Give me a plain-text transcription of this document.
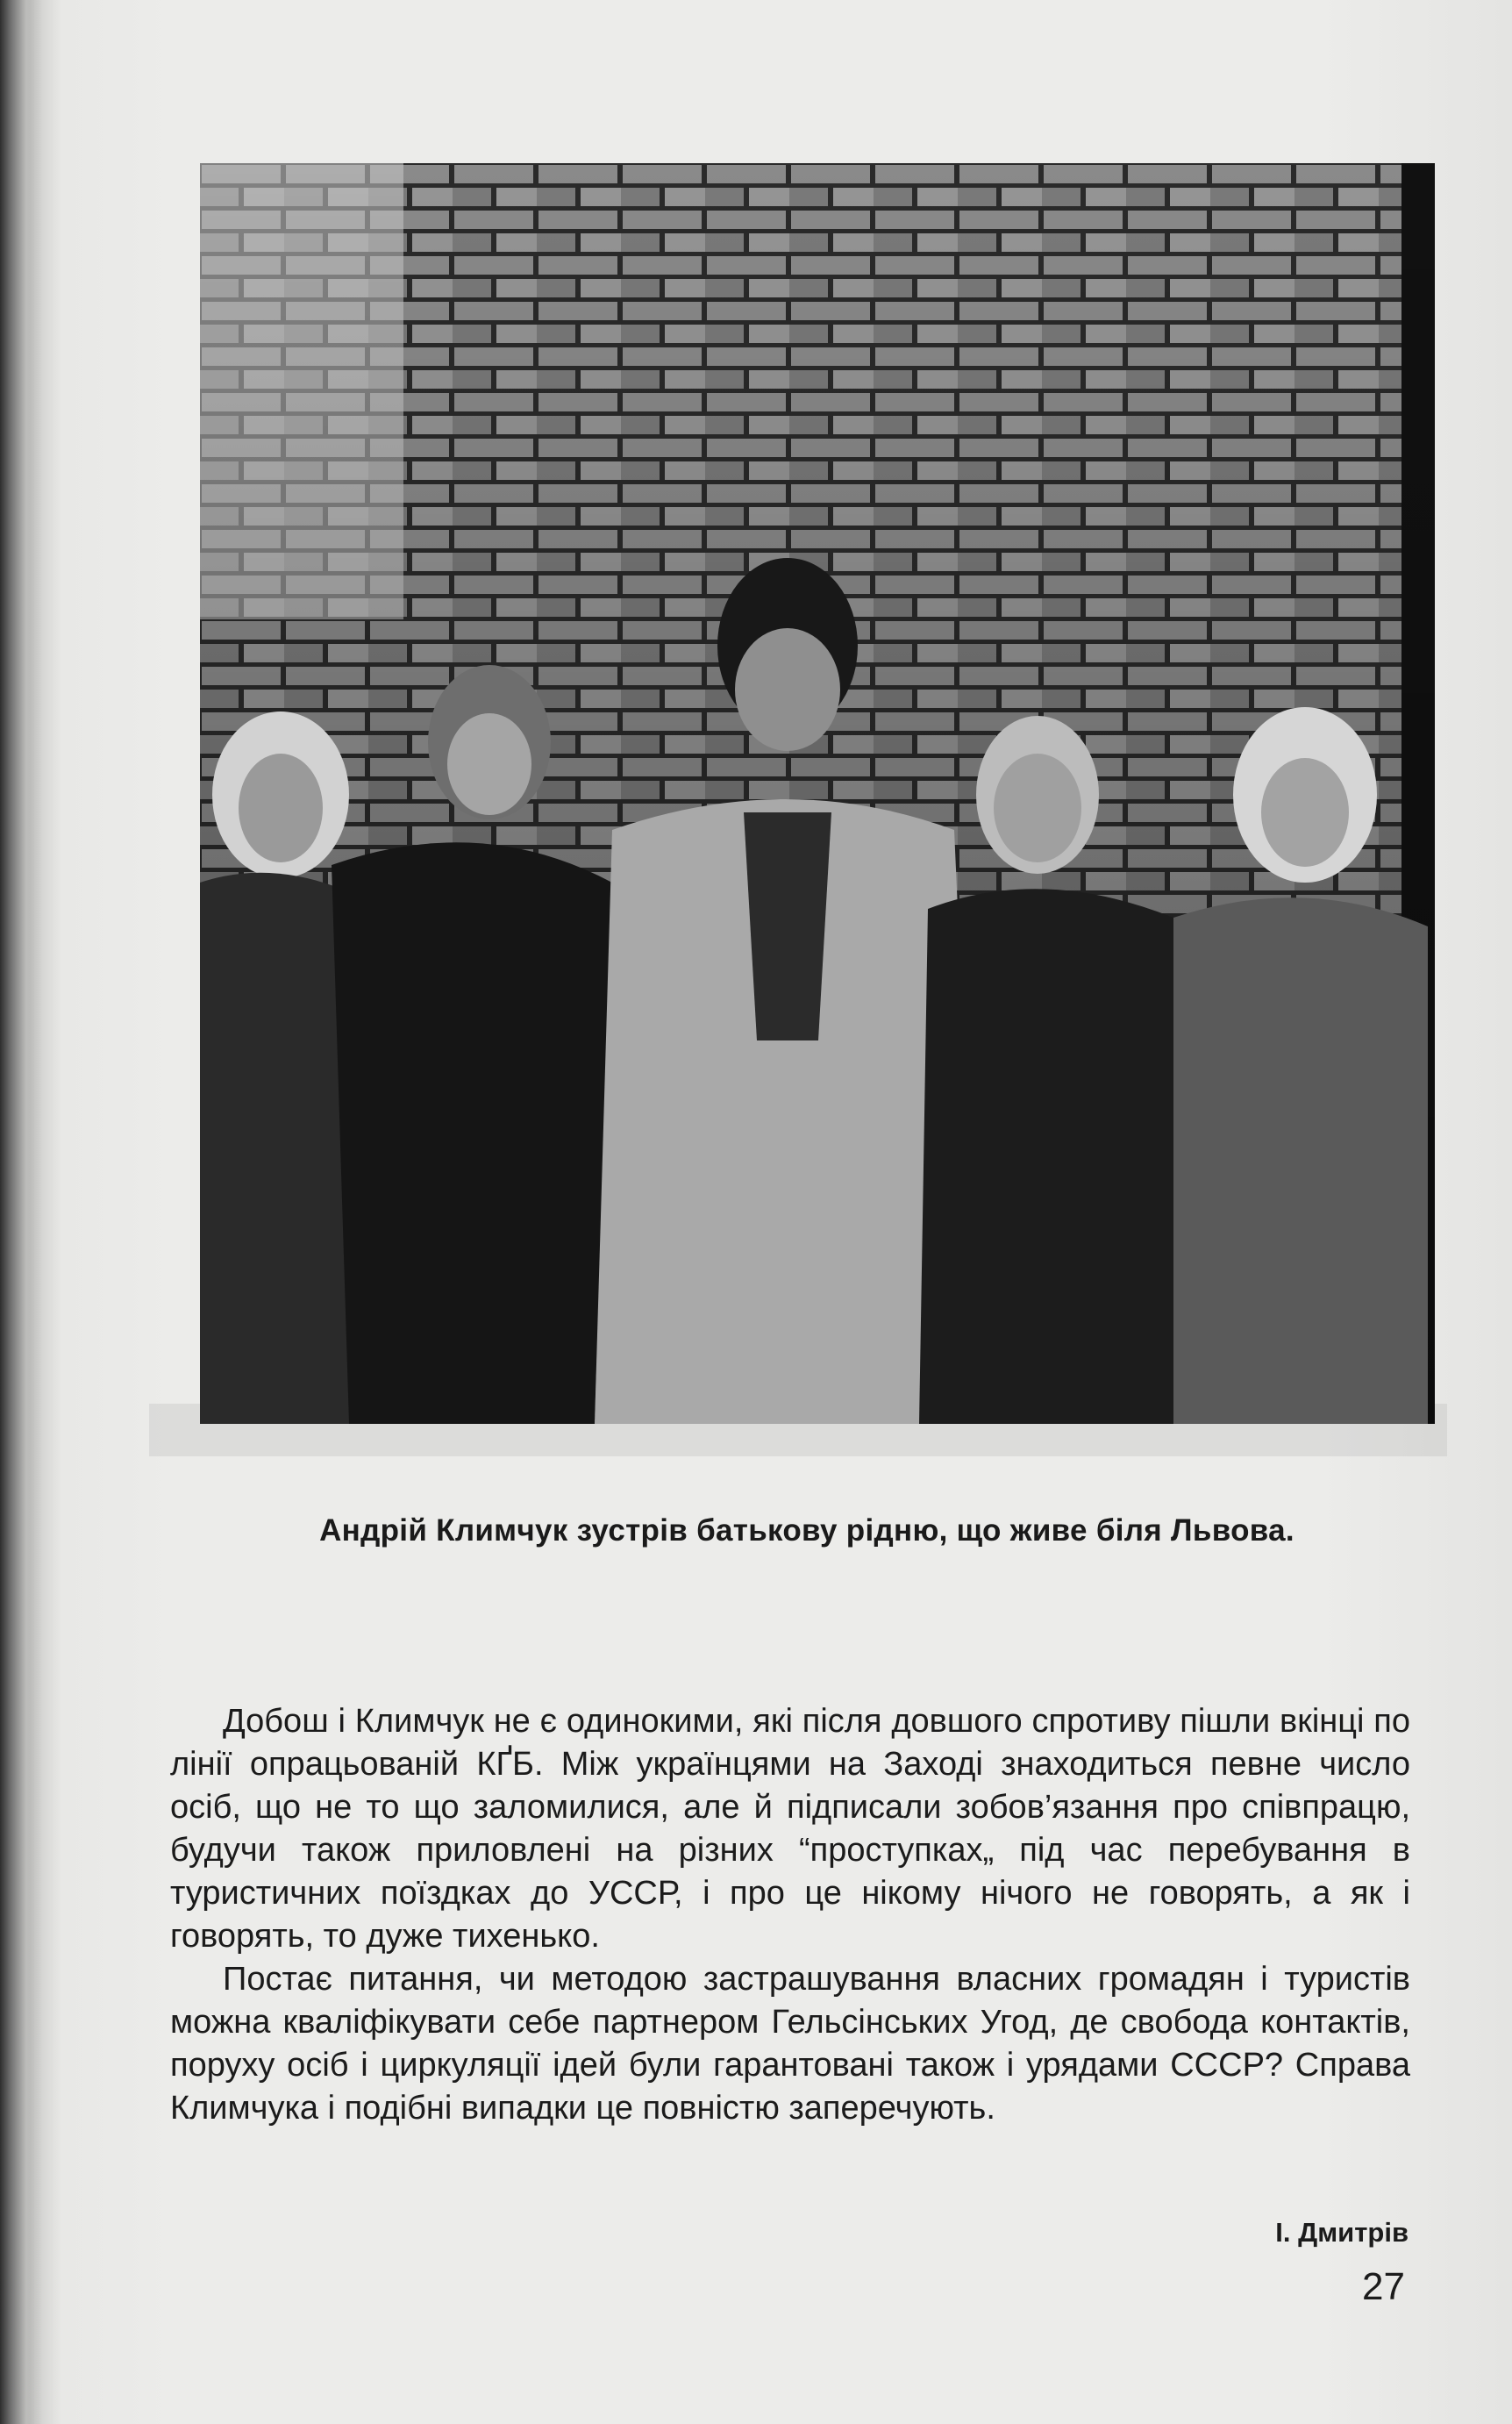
Андрій Климчук зустрів батькову рідню, що живе біля Львова.

Добош і Климчук не є одинокими, які після довшого спротиву пішли вкінці по лінії опрацьованій КҐБ. Між українцями на Заході знаходиться певне число осіб, що не то що заломилися, але й підписали зобов’язання про співпрацю, будучи також приловлені на різних “проступках„ під час перебування в туристичних поїздках до УССР, і про це нікому нічого не говорять, а як і говорять, то дуже тихенько.

Постає питання, чи методою застрашування власних громадян і туристів можна кваліфікувати себе партнером Гельсінських Угод, де свобода контактів, пoруху осіб і циркуляції ідей були гарантовані також і урядами СССР? Справа Климчука і подібні випадки це повністю заперечують.

І. Дмитрів
27
